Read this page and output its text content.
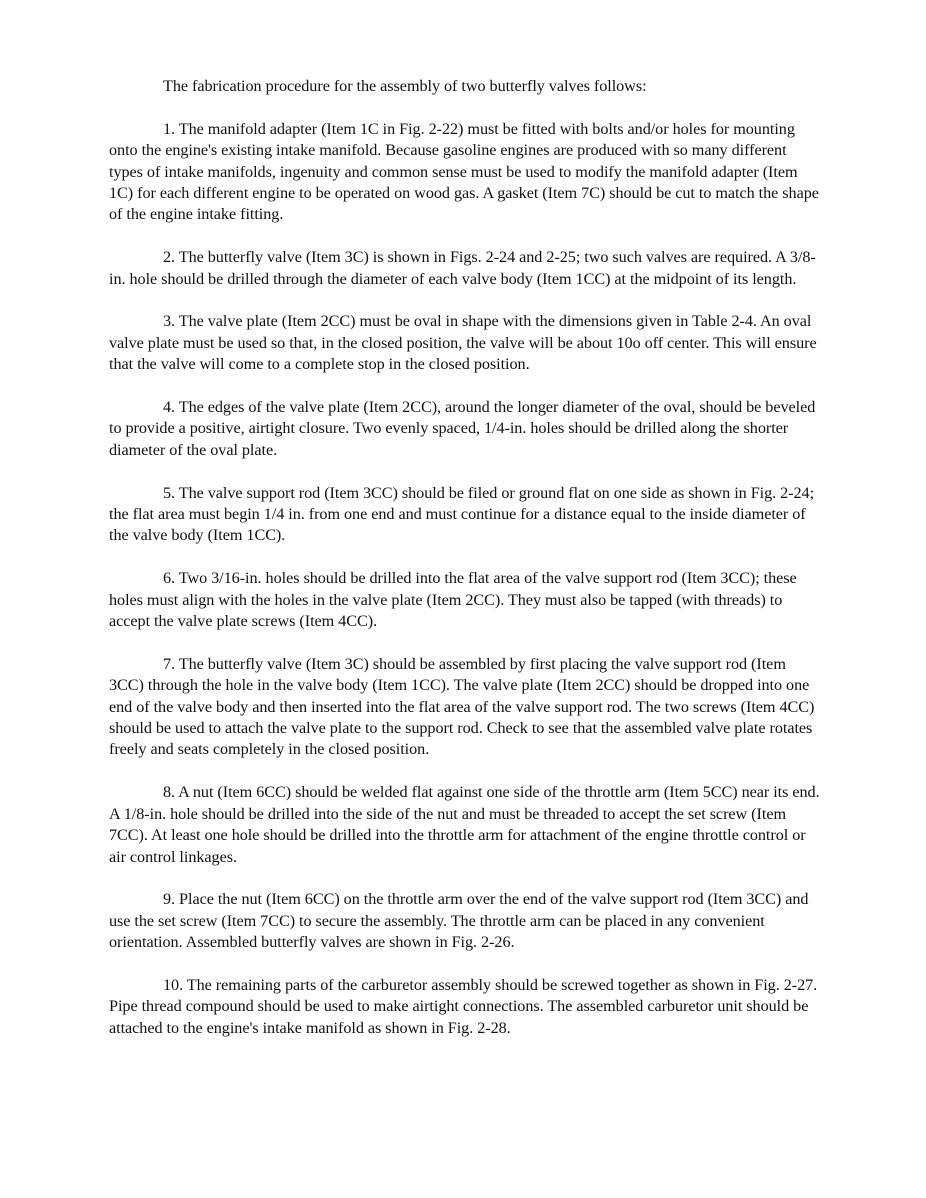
The fabrication procedure for the assembly of two butterfly valves follows:

1. The manifold adapter (Item 1C in Fig. 2-22) must be fitted with bolts and/or holes for mounting onto the engine's existing intake manifold. Because gasoline engines are produced with so many different types of intake manifolds, ingenuity and common sense must be used to modify the manifold adapter (Item 1C) for each different engine to be operated on wood gas. A gasket (Item 7C) should be cut to match the shape of the engine intake fitting.

2. The butterfly valve (Item 3C) is shown in Figs. 2-24 and 2-25; two such valves are required. A 3/8-in. hole should be drilled through the diameter of each valve body (Item 1CC) at the midpoint of its length.

3. The valve plate (Item 2CC) must be oval in shape with the dimensions given in Table 2-4. An oval valve plate must be used so that, in the closed position, the valve will be about 10o off center. This will ensure that the valve will come to a complete stop in the closed position.

4. The edges of the valve plate (Item 2CC), around the longer diameter of the oval, should be beveled to provide a positive, airtight closure. Two evenly spaced, 1/4-in. holes should be drilled along the shorter diameter of the oval plate.

5. The valve support rod (Item 3CC) should be filed or ground flat on one side as shown in Fig. 2-24; the flat area must begin 1/4 in. from one end and must continue for a distance equal to the inside diameter of the valve body (Item 1CC).

6. Two 3/16-in. holes should be drilled into the flat area of the valve support rod (Item 3CC); these holes must align with the holes in the valve plate (Item 2CC). They must also be tapped (with threads) to accept the valve plate screws (Item 4CC).

7. The butterfly valve (Item 3C) should be assembled by first placing the valve support rod (Item 3CC) through the hole in the valve body (Item 1CC). The valve plate (Item 2CC) should be dropped into one end of the valve body and then inserted into the flat area of the valve support rod. The two screws (Item 4CC) should be used to attach the valve plate to the support rod. Check to see that the assembled valve plate rotates freely and seats completely in the closed position.

8. A nut (Item 6CC) should be welded flat against one side of the throttle arm (Item 5CC) near its end. A 1/8-in. hole should be drilled into the side of the nut and must be threaded to accept the set screw (Item 7CC). At least one hole should be drilled into the throttle arm for attachment of the engine throttle control or air control linkages.

9. Place the nut (Item 6CC) on the throttle arm over the end of the valve support rod (Item 3CC) and use the set screw (Item 7CC) to secure the assembly. The throttle arm can be placed in any convenient orientation. Assembled butterfly valves are shown in Fig. 2-26.

10. The remaining parts of the carburetor assembly should be screwed together as shown in Fig. 2-27. Pipe thread compound should be used to make airtight connections. The assembled carburetor unit should be attached to the engine's intake manifold as shown in Fig. 2-28.
